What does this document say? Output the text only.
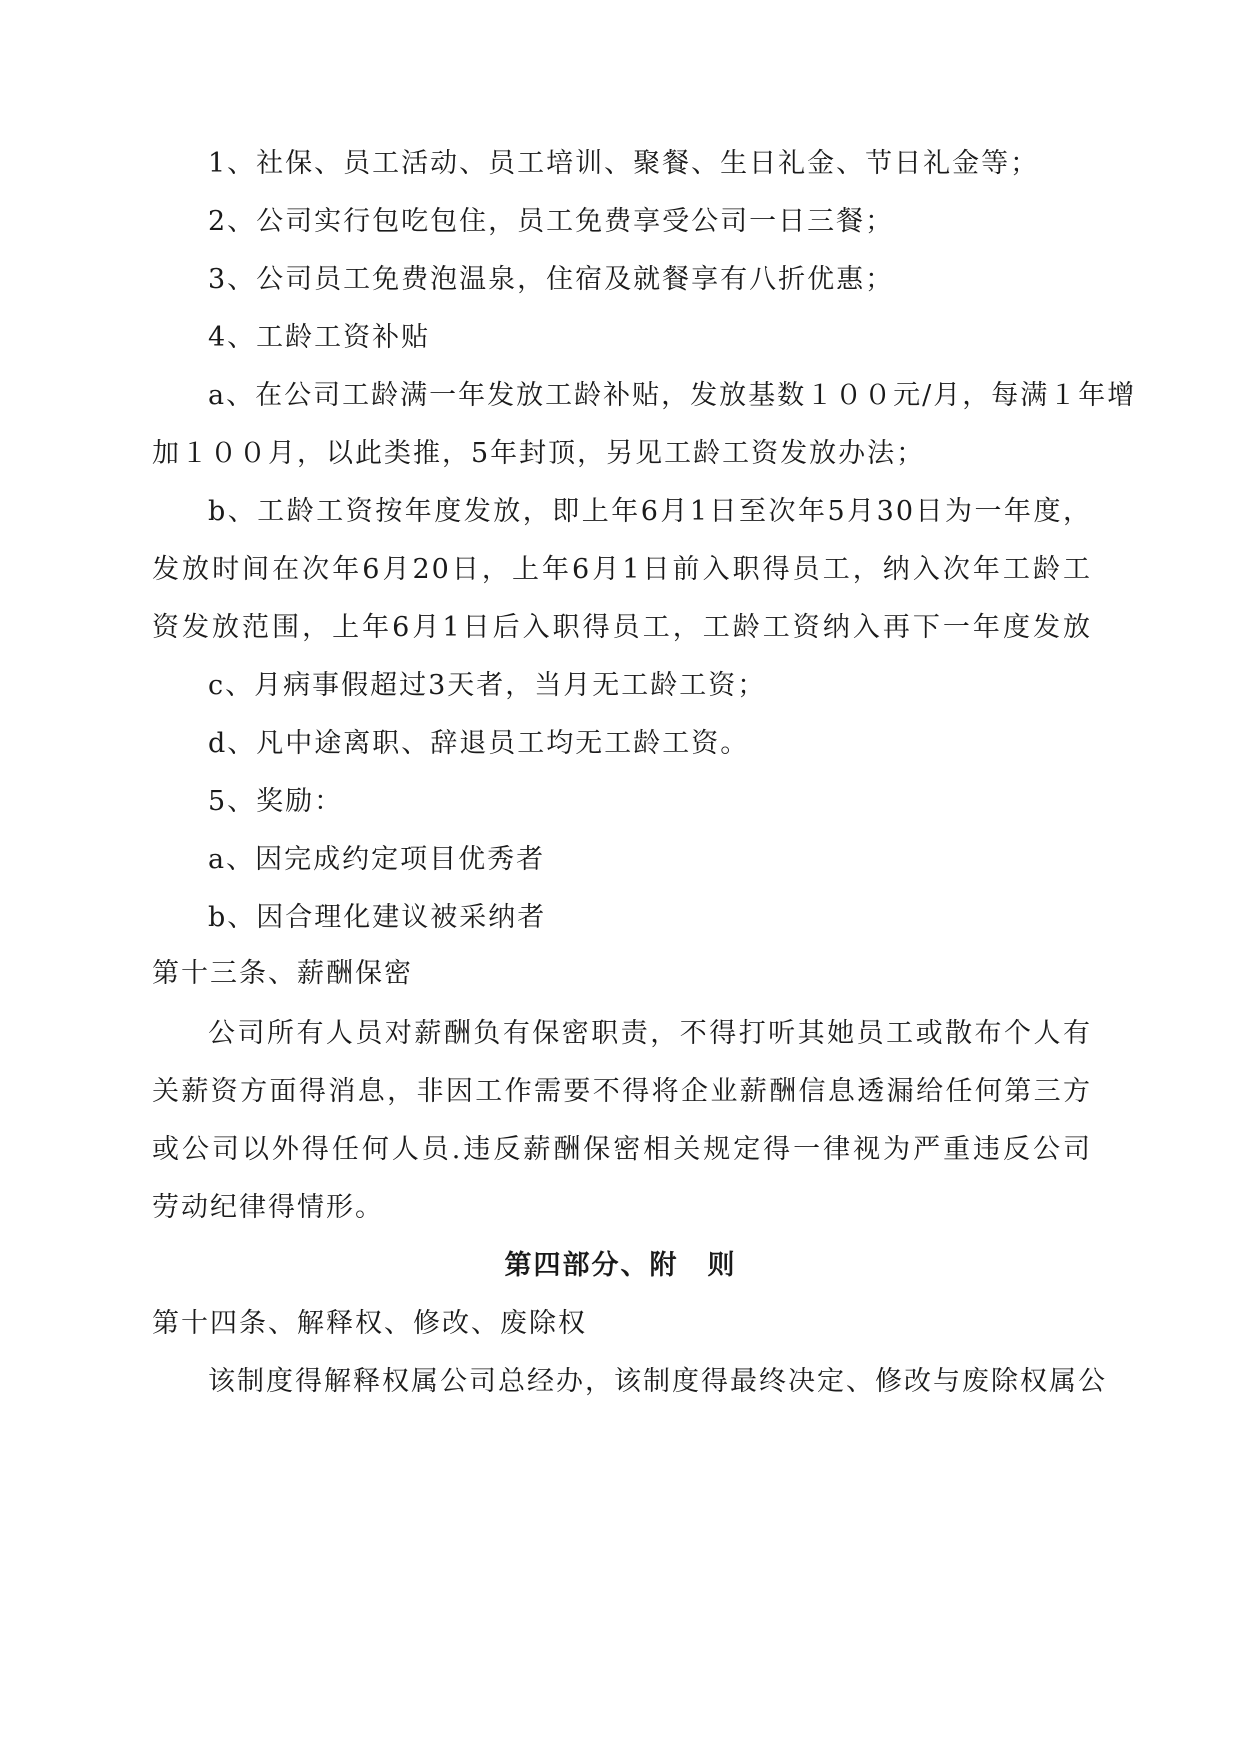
1、社保、员工活动、员工培训、聚餐、生日礼金、节日礼金等；
2、公司实行包吃包住，员工免费享受公司一日三餐；
3、公司员工免费泡温泉，住宿及就餐享有八折优惠；
4、工龄工资补贴
a、在公司工龄满一年发放工龄补贴，发放基数１００元/月，每满１年增
加１００月，以此类推，5年封顶，另见工龄工资发放办法；
b、工龄工资按年度发放，即上年6月1日至次年5月30日为一年度，
发放时间在次年6月20日，上年6月1日前入职得员工，纳入次年工龄工
资发放范围，上年6月1日后入职得员工，工龄工资纳入再下一年度发放
c、月病事假超过3天者，当月无工龄工资；
d、凡中途离职、辞退员工均无工龄工资。
5、奖励：
a、因完成约定项目优秀者
b、因合理化建议被采纳者
第十三条、薪酬保密
公司所有人员对薪酬负有保密职责，不得打听其她员工或散布个人有
关薪资方面得消息，非因工作需要不得将企业薪酬信息透漏给任何第三方
或公司以外得任何人员.违反薪酬保密相关规定得一律视为严重违反公司
劳动纪律得情形。
第四部分、附　则
第十四条、解释权、修改、废除权
该制度得解释权属公司总经办，该制度得最终决定、修改与废除权属公
